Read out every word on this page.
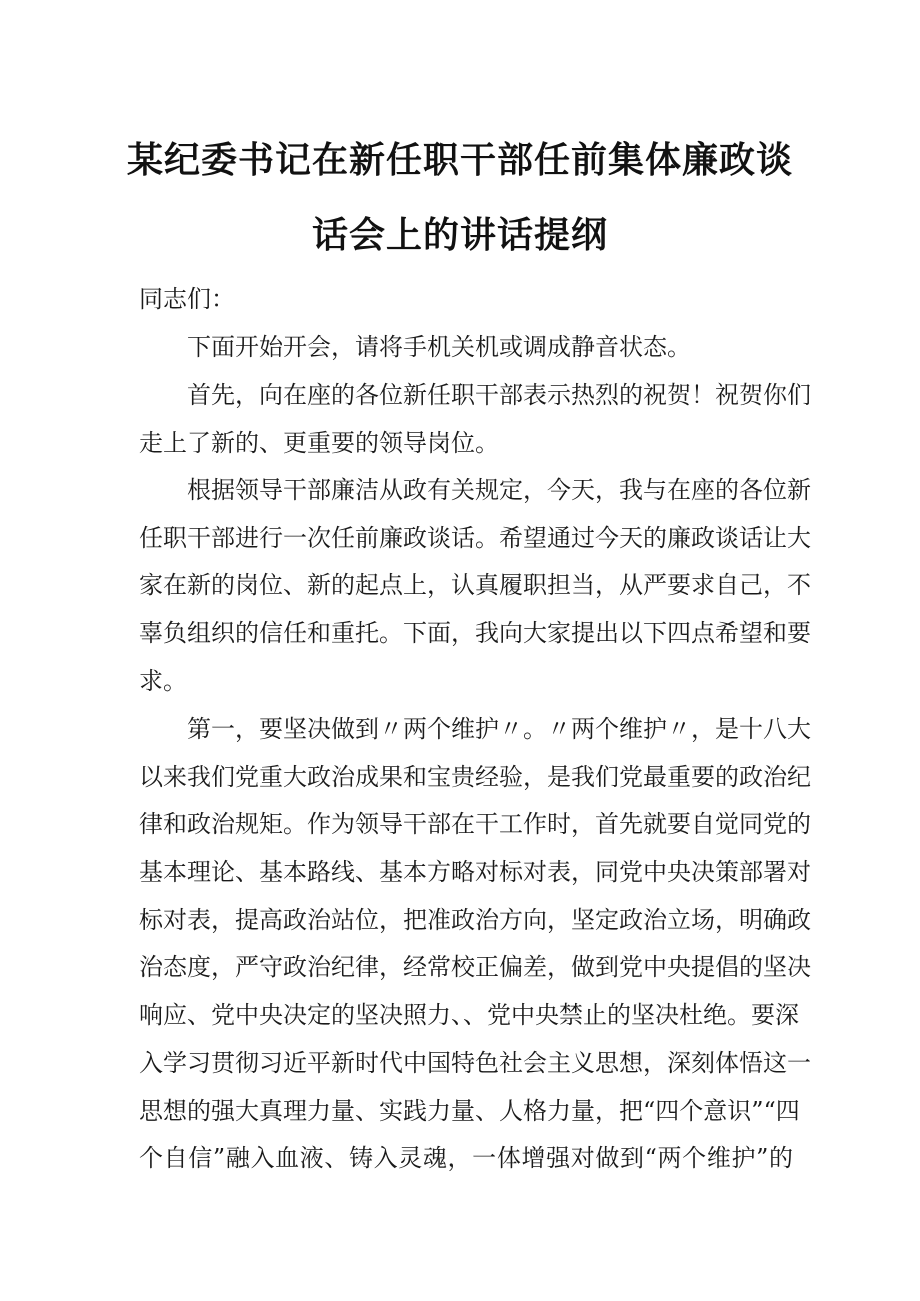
某纪委书记在新任职干部任前集体廉政谈
话会上的讲话提纲
同志们：
下面开始开会，请将手机关机或调成静音状态。
首先，向在座的各位新任职干部表示热烈的祝贺！祝贺你们
走上了新的、更重要的领导岗位。
根据领导干部廉洁从政有关规定，今天，我与在座的各位新
任职干部进行一次任前廉政谈话。希望通过今天的廉政谈话让大
家在新的岗位、新的起点上，认真履职担当，从严要求自己，不
辜负组织的信任和重托。下面，我向大家提出以下四点希望和要
求。
第一，要坚决做到〃两个维护〃。〃两个维护〃，是十八大
以来我们党重大政治成果和宝贵经验，是我们党最重要的政治纪
律和政治规矩。作为领导干部在干工作时，首先就要自觉同党的
基本理论、基本路线、基本方略对标对表，同党中央决策部署对
标对表，提高政治站位，把准政治方向，坚定政治立场，明确政
治态度，严守政治纪律，经常校正偏差，做到党中央提倡的坚决
响应、党中央决定的坚决照力、、党中央禁止的坚决杜绝。要深
入学习贯彻习近平新时代中国特色社会主义思想，深刻体悟这一
思想的强大真理力量、实践力量、人格力量，把“四个意识”“四
个自信”融入血液、铸入灵魂，一体增强对做到“两个维护”的
